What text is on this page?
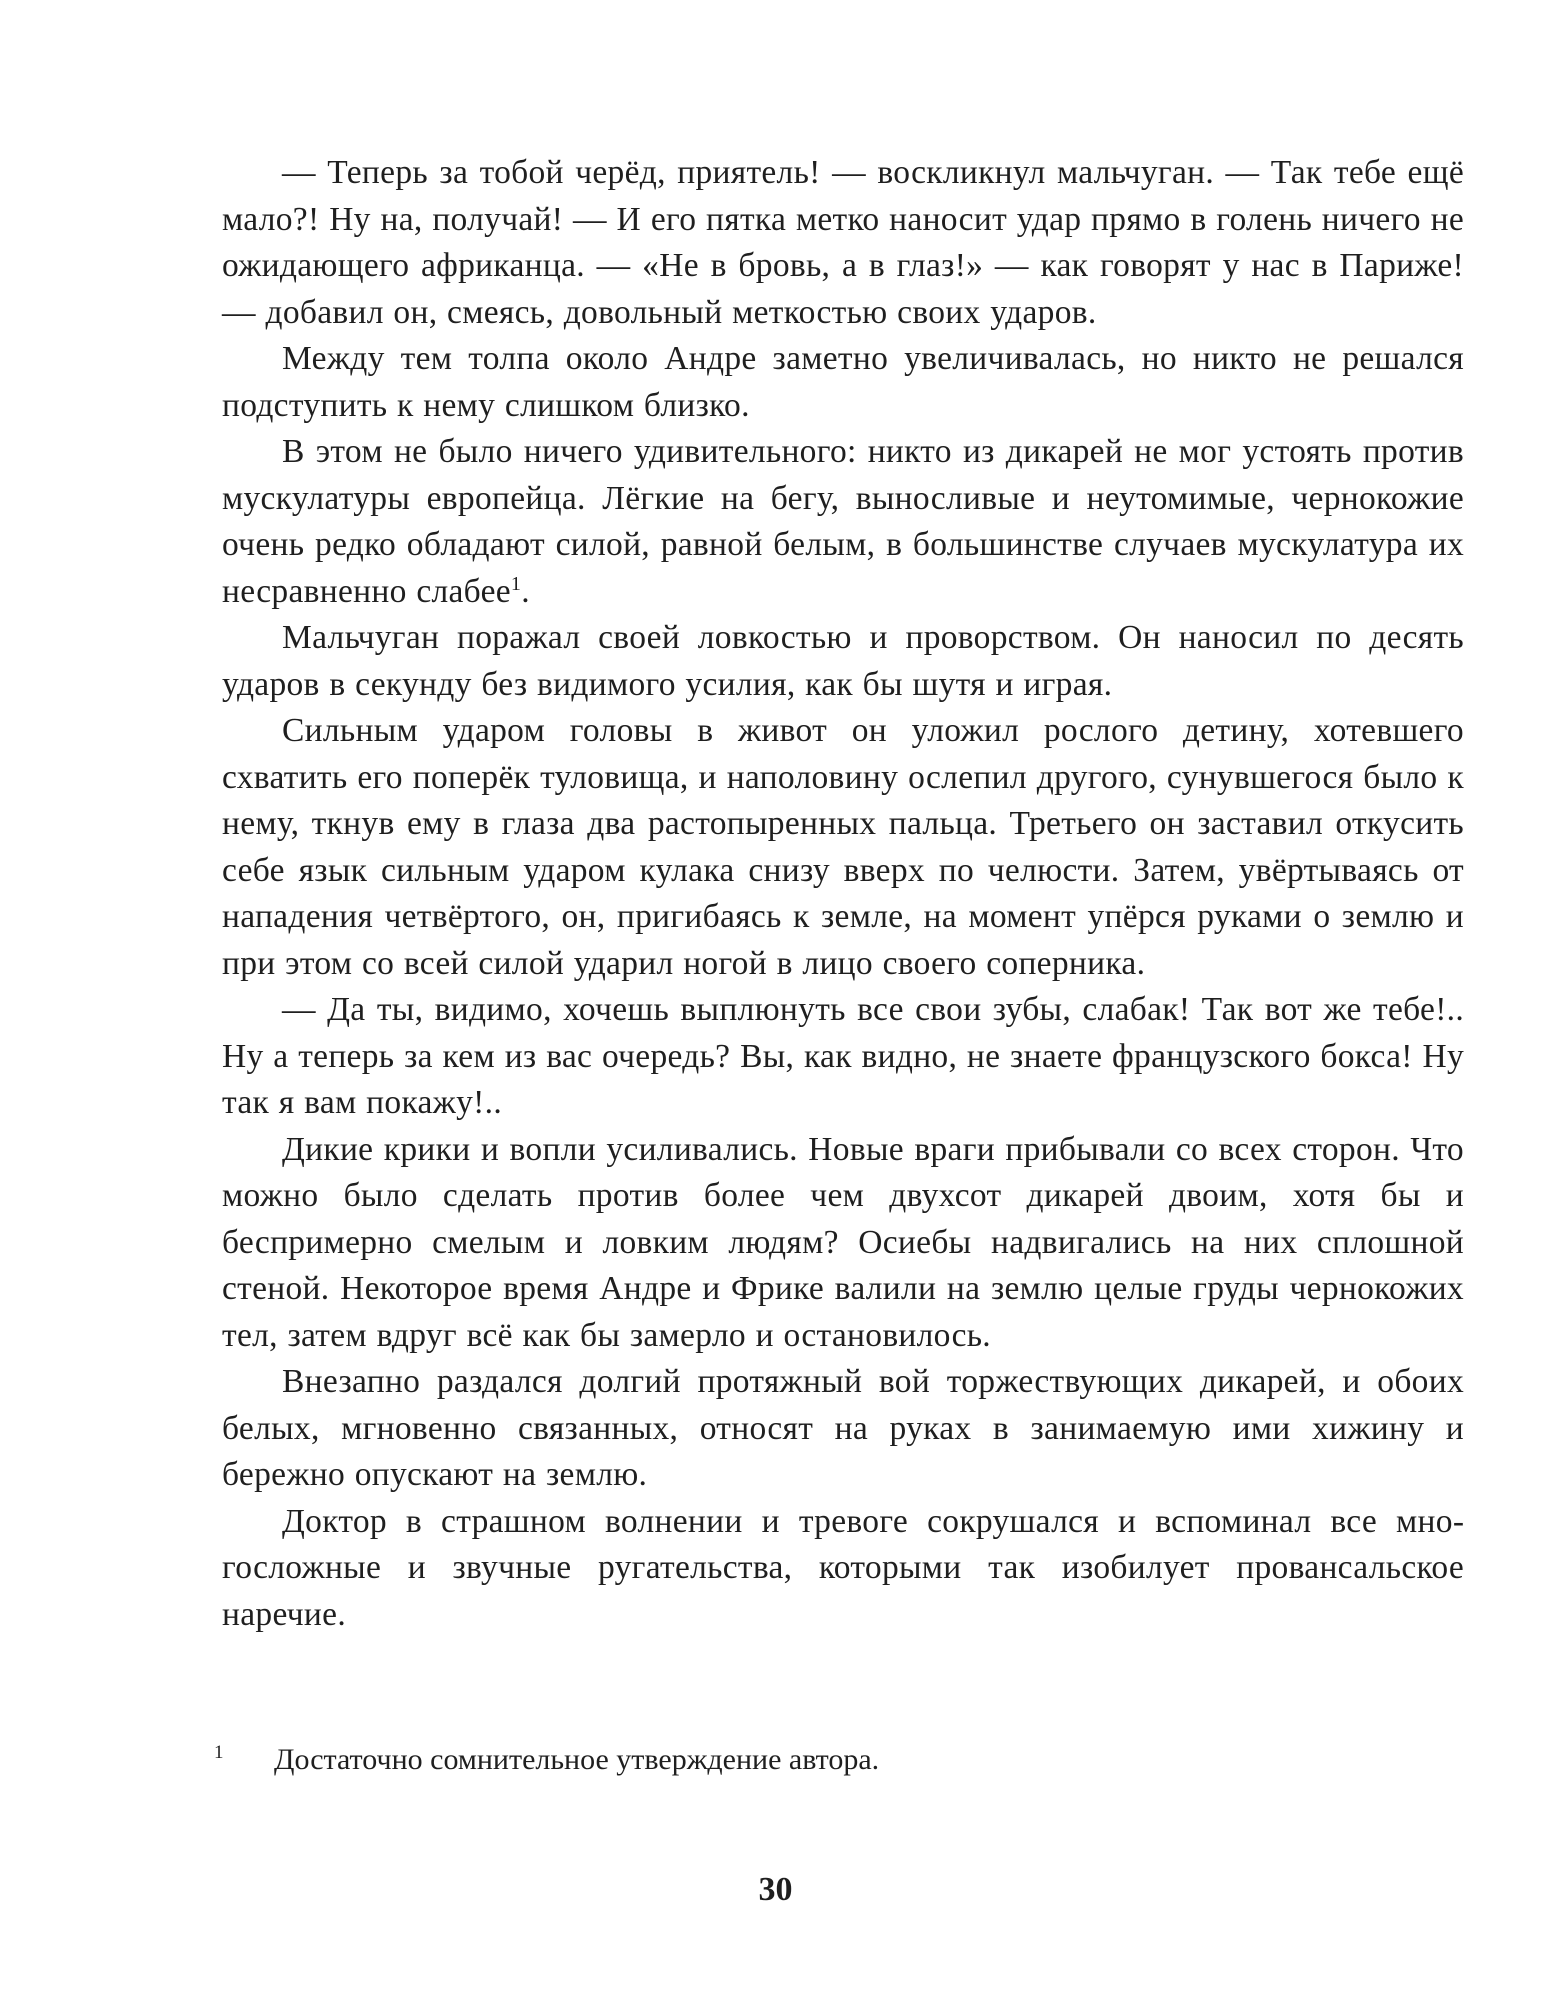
— Теперь за тобой черёд, приятель! — воскликнул мальчуган. — Так тебе ещё мало?! Ну на, получай! — И его пятка метко наносит удар прямо в голень ничего не ожидающего африканца. — «Не в бровь, а в глаз!» — как говорят у нас в Париже! — добавил он, смеясь, довольный меткостью своих ударов.

Между тем толпа около Андре заметно увеличивалась, но никто не решался подступить к нему слишком близко.

В этом не было ничего удивительного: никто из дикарей не мог устоять против мускулатуры европейца. Лёгкие на бегу, выносливые и неутомимые, чернокожие очень редко обладают силой, равной белым, в большинстве случаев мускулатура их несравненно слабее$^1$.

Мальчуган поражал своей ловкостью и проворством. Он наносил по десять ударов в секунду без видимого усилия, как бы шутя и играя.

Сильным ударом головы в живот он уложил рослого детину, хотевшего схватить его поперёк туловища, и наполовину ослепил другого, сунувшегося было к нему, ткнув ему в глаза два растопыренных пальца. Третьего он заставил откусить себе язык сильным ударом кулака снизу вверх по челюсти. Затем, увёртываясь от нападения четвёртого, он, пригибаясь к земле, на момент упёрся руками о землю и при этом со всей силой ударил ногой в лицо своего соперника.

— Да ты, видимо, хочешь выплюнуть все свои зубы, слабак! Так вот же тебе!.. Ну а теперь за кем из вас очередь? Вы, как видно, не знаете французского бокса! Ну так я вам покажу!..

Дикие крики и вопли усиливались. Новые враги прибывали со всех сторон. Что можно было сделать против более чем двухсот дикарей двоим, хотя бы и беспримерно смелым и ловким людям? Осиебы надвигались на них сплошной стеной. Некоторое время Андре и Фрике валили на землю целые груды чернокожих тел, затем вдруг всё как бы замерло и остановилось.

Внезапно раздался долгий протяжный вой торжествующих дикарей, и обоих белых, мгновенно связанных, относят на руках в занимаемую ими хижину и бережно опускают на землю.

Доктор в страшном волнении и тревоге сокрушался и вспоминал все многосложные и звучные ругательства, которыми так изобилует провансальское наречие.

1	Достаточно сомнительное утверждение автора.
30
